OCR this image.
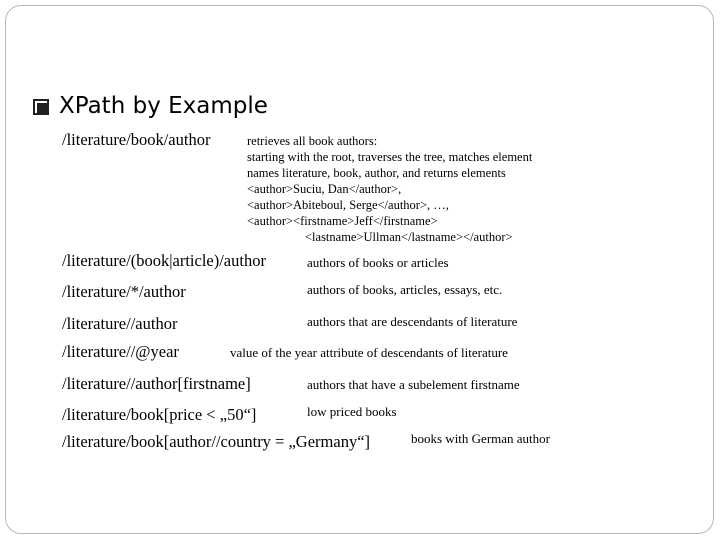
XPath by Example
/literature/book/author	retrieves all book authors:
starting with the root, traverses the tree, matches element
names literature, book, author, and returns elements
<author>Suciu, Dan</author>,
<author>Abiteboul, Serge</author>, …,
<author><firstname>Jeff</firstname>
<lastname>Ullman</lastname></author>
/literature/(book|article)/author	authors of books or articles
/literature/*/author	authors of books, articles, essays, etc.
/literature//author	authors that are descendants of literature
/literature//@year	value of the year attribute of descendants of literature
/literature//author[firstname]	authors that have a subelement firstname
/literature/book[price < „50“]	low priced books
/literature/book[author//country = „Germany“]	books with German author
